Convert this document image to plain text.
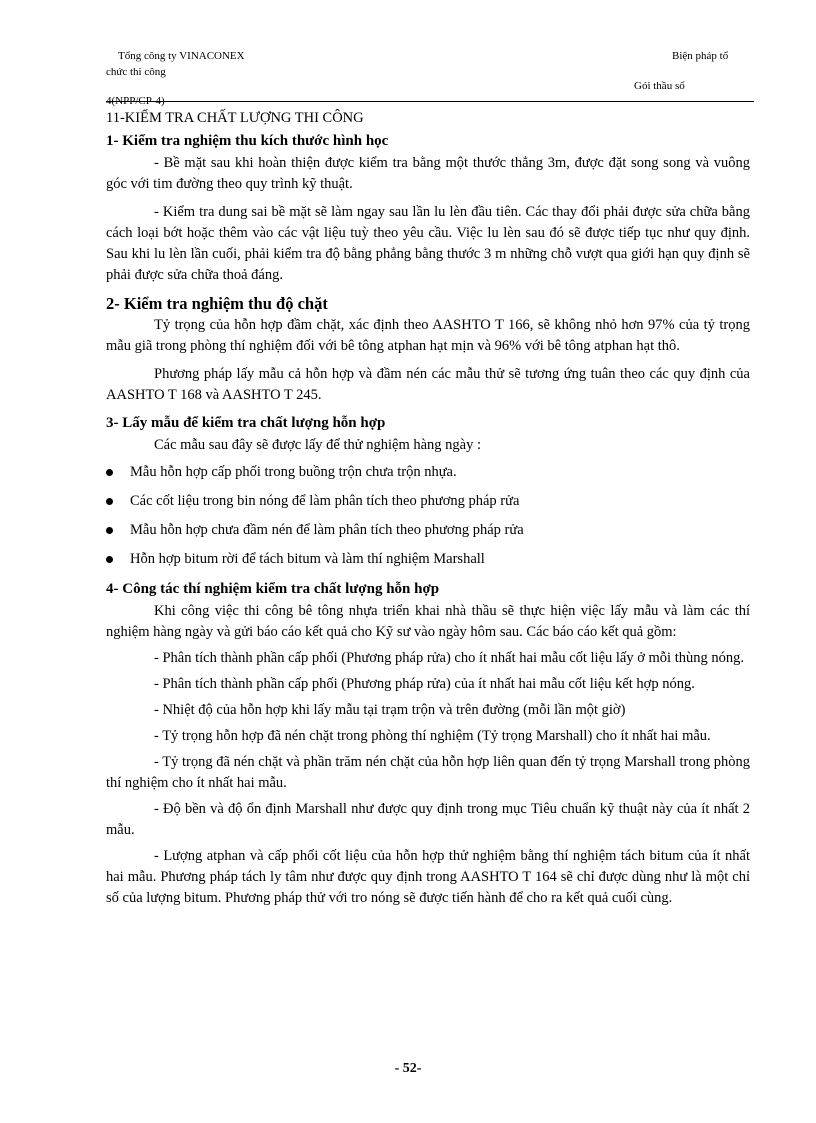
Tổng công ty VINACONEX	Biện pháp tổ
chức thi công
Gói thầu số
4(NPP/CP-4)

11-KIỂM TRA CHẤT LƯỢNG THI CÔNG

1- Kiểm tra nghiệm thu kích thước hình học

- Bề mặt sau khi hoàn thiện được kiểm tra bằng một thước thẳng 3m, được đặt song song và vuông góc với tim đường theo quy trình kỹ thuật.

- Kiểm tra dung sai bề mặt sẽ làm ngay sau lần lu lèn đầu tiên. Các thay đổi phải được sửa chữa bằng cách loại bớt hoặc thêm vào các vật liệu tuỳ theo yêu cầu. Việc lu lèn sau đó sẽ được tiếp tục như quy định. Sau khi lu lèn lần cuối, phải kiểm tra độ bằng phẳng bằng thước 3 m những chỗ vượt qua giới hạn quy định sẽ phải được sửa chữa thoả đáng.

2- Kiểm tra nghiệm thu độ chặt

Tỷ trọng của hỗn hợp đầm chặt, xác định theo AASHTO T 166, sẽ không nhỏ hơn 97% của tỷ trọng mẫu giã trong phòng thí nghiệm đối với bê tông atphan hạt mịn và 96% với bê tông atphan hạt thô.

Phương pháp lấy mẫu cả hỗn hợp và đầm nén các mẫu thử sẽ tương ứng tuân theo các quy định của AASHTO T 168 và AASHTO T 245.

3- Lấy mẫu để kiểm tra chất lượng hỗn hợp

Các mẫu sau đây sẽ được lấy để thử nghiệm hàng ngày :

Mẫu hỗn hợp cấp phối trong buồng trộn chưa trộn nhựa.
Các cốt liệu trong bin nóng để làm phân tích theo phương pháp rửa
Mẫu hỗn hợp chưa đầm nén để làm phân tích theo phương pháp rửa
Hỗn hợp bitum rời để tách bitum và làm thí nghiệm Marshall

4- Công tác thí nghiệm kiểm tra chất lượng hỗn hợp

Khi công việc thi công bê tông nhựa triển khai nhà thầu sẽ thực hiện việc lấy mẫu và làm các thí nghiệm hàng ngày và gửi báo cáo kết quả cho Kỹ sư vào ngày hôm sau. Các báo cáo kết quả gồm:

- Phân tích thành phần cấp phối (Phương pháp rửa) cho ít nhất hai mẫu cốt liệu lấy ở mỗi thùng nóng.

- Phân tích thành phần cấp phối (Phương pháp rửa) của ít nhất hai mẫu cốt liệu kết hợp nóng.

- Nhiệt độ của hỗn hợp khi lấy mẫu tại trạm trộn và trên đường (mỗi lần một giờ)

- Tỷ trọng hỗn hợp đã nén chặt trong phòng thí nghiệm (Tỷ trọng Marshall) cho ít nhất hai mẫu.

- Tỷ trọng đã nén chặt và phần trăm nén chặt của hỗn hợp liên quan đến tỷ trọng Marshall trong phòng thí nghiệm cho ít nhất hai mẫu.

- Độ bền và độ ổn định Marshall như được quy định trong mục Tiêu chuẩn kỹ thuật này của ít nhất 2 mẫu.

- Lượng atphan và cấp phối cốt liệu của hỗn hợp thử nghiệm bằng thí nghiệm tách bitum của ít nhất hai mẫu. Phương pháp tách ly tâm như được quy định trong AASHTO T 164 sẽ chỉ được dùng như là một chỉ số của lượng bitum. Phương pháp thử với tro nóng sẽ được tiến hành để cho ra kết quả cuối cùng.

- 52-
